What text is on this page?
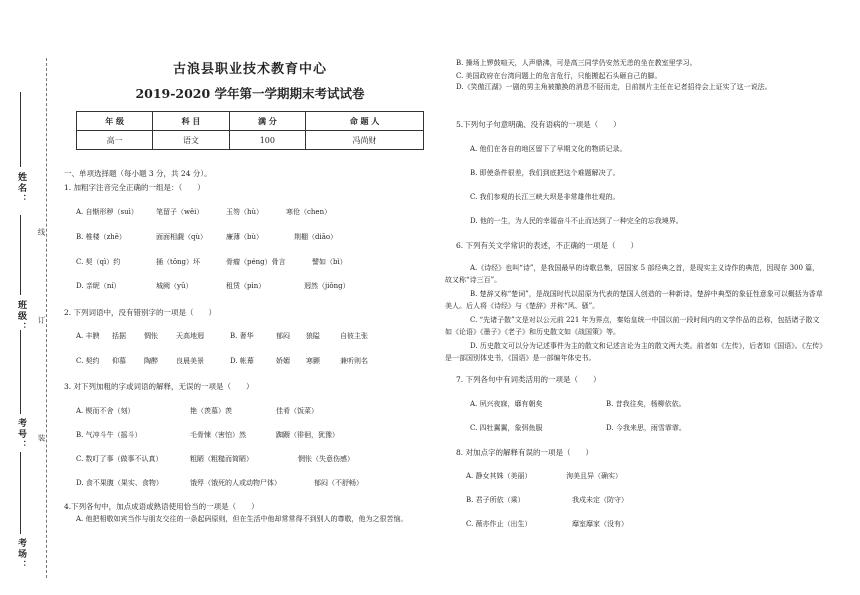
姓名：
班级：
考号：
考场：
线
订
装
古浪县职业技术教育中心
2019-2020 学年第一学期期末考试试卷
年 级	科 目	满 分	命 题 人
高一	语文	100	冯尚财
一、单项选择题（每小题 3 分，共 24 分）。
1. 加粗字注音完全正确的一组是：（　　）
A. 自惭形秽（suì）	笔留子（wěi）	玉笏（hù）	寒伧（chen）
B. 椎楼（zhē）	面面相觑（qù）	廉薄（bù）	荆棚（diāo）
C. 契（qì）约	捅（tǒng）坏	骨瘤（péng）骨言	譬如（bì）
D. 亲昵（ní）	城阙（yū）	租赁（pìn）	迥然（jiǒng）
2. 下列词语中，没有错别字的一项是（　　）
A. 丰腴 括据	惆怅	天高地迥	B. 奢华	郁闷 狼隘	自彼主张
C. 契约 仰慕	陶醉	良晨美景	D. 帐幕	娇媚 寒颤	兼听则名
3. 对下列加粗的字或词语的解释，无误的一项是（　　）
A. 锲而不舍（刻）	艳（羡慕）羡	佳肴（饭菜）
B. 气冲斗牛（摇斗）	毛骨悚（害怕）然	踟蹰（徘徊，犹豫）
C. 数叮了事（做事不认真）	粗陋（粗糙而简陋）	惘怅（失意伤感）
D. 食不果腹（果实、食物）	饿殍（饿死的人或动物尸体）	郁闷（不舒畅）
4.下列各句中，加点成语或熟语使用恰当的一项是（　　）
A. 他把相敬如宾当作与朋友交往的一条起码原则，但在生活中他却常常得不到别人的尊敬，他为之很苦恼。
B. 操场上锣鼓喧天，人声鼎沸，可是高三同学仍安然无恙的坐在教室里学习。
C. 美国政府在台湾问题上的危言危行，只能搬起石头砸自己的脚。
D.《笑傲江湖》一剧的男主角被撤换的消息不胫而走，日前制片主任在记者招待会上证实了这一说法。
5.下列句子句意明确、没有语病的一项是（　　）
A. 他们在各自的地区留下了早期文化的物质记录。
B. 即使条件很差，我们到底把这个难题解决了。
C. 我们参观的长江三峡大坝是非常雄伟壮观的。
D. 他的一生，为人民的幸福奋斗不止而达到了一种完全的忘我境界。
6. 下列有关文学常识的表述，不正确的一项是（　　）
A.《诗经》也叫“诗”，是我国最早的诗歌总集，居国家 5 部经典之首，是现实主义诗作的典范，因现存 300 篇，故又称“诗三百”。
B. 楚辞又称“楚词”，是战国时代以屈原为代表的楚国人创造的一种新诗。楚辞中典型的象征性意象可以概括为香草美人。后人将《诗经》与《楚辞》并称“风、骚”。
C. “先诸子散”文是对以公元前 221 年为界点，秦始皇统一中国以前一段时间内的文学作品的总称，包括诸子散文如《论语》《墨子》《老子》和历史散文如《战国策》等。
D. 历史散文可以分为记述事件为主的散文和记述言论为主的散文两大类。前者如《左传》，后者如《国语》。《左传》是一部国别体史书，《国语》是一部编年体史书。
7. 下列各句中有词类活用的一项是（　　）
A. 夙兴夜寐，靡有朝矣	B. 昔我往矣，杨柳依依。
C. 四牡翼翼，象弭鱼服	D. 今我来思，雨雪霏霏。
8. 对加点字的解释有误的一项是（　　）
A. 静女其姝（美丽）	洵美且异（确实）
B. 君子所依（乘）	我戍未定（防守）
C. 薇亦作止（出生）	靡室靡家（没有）
